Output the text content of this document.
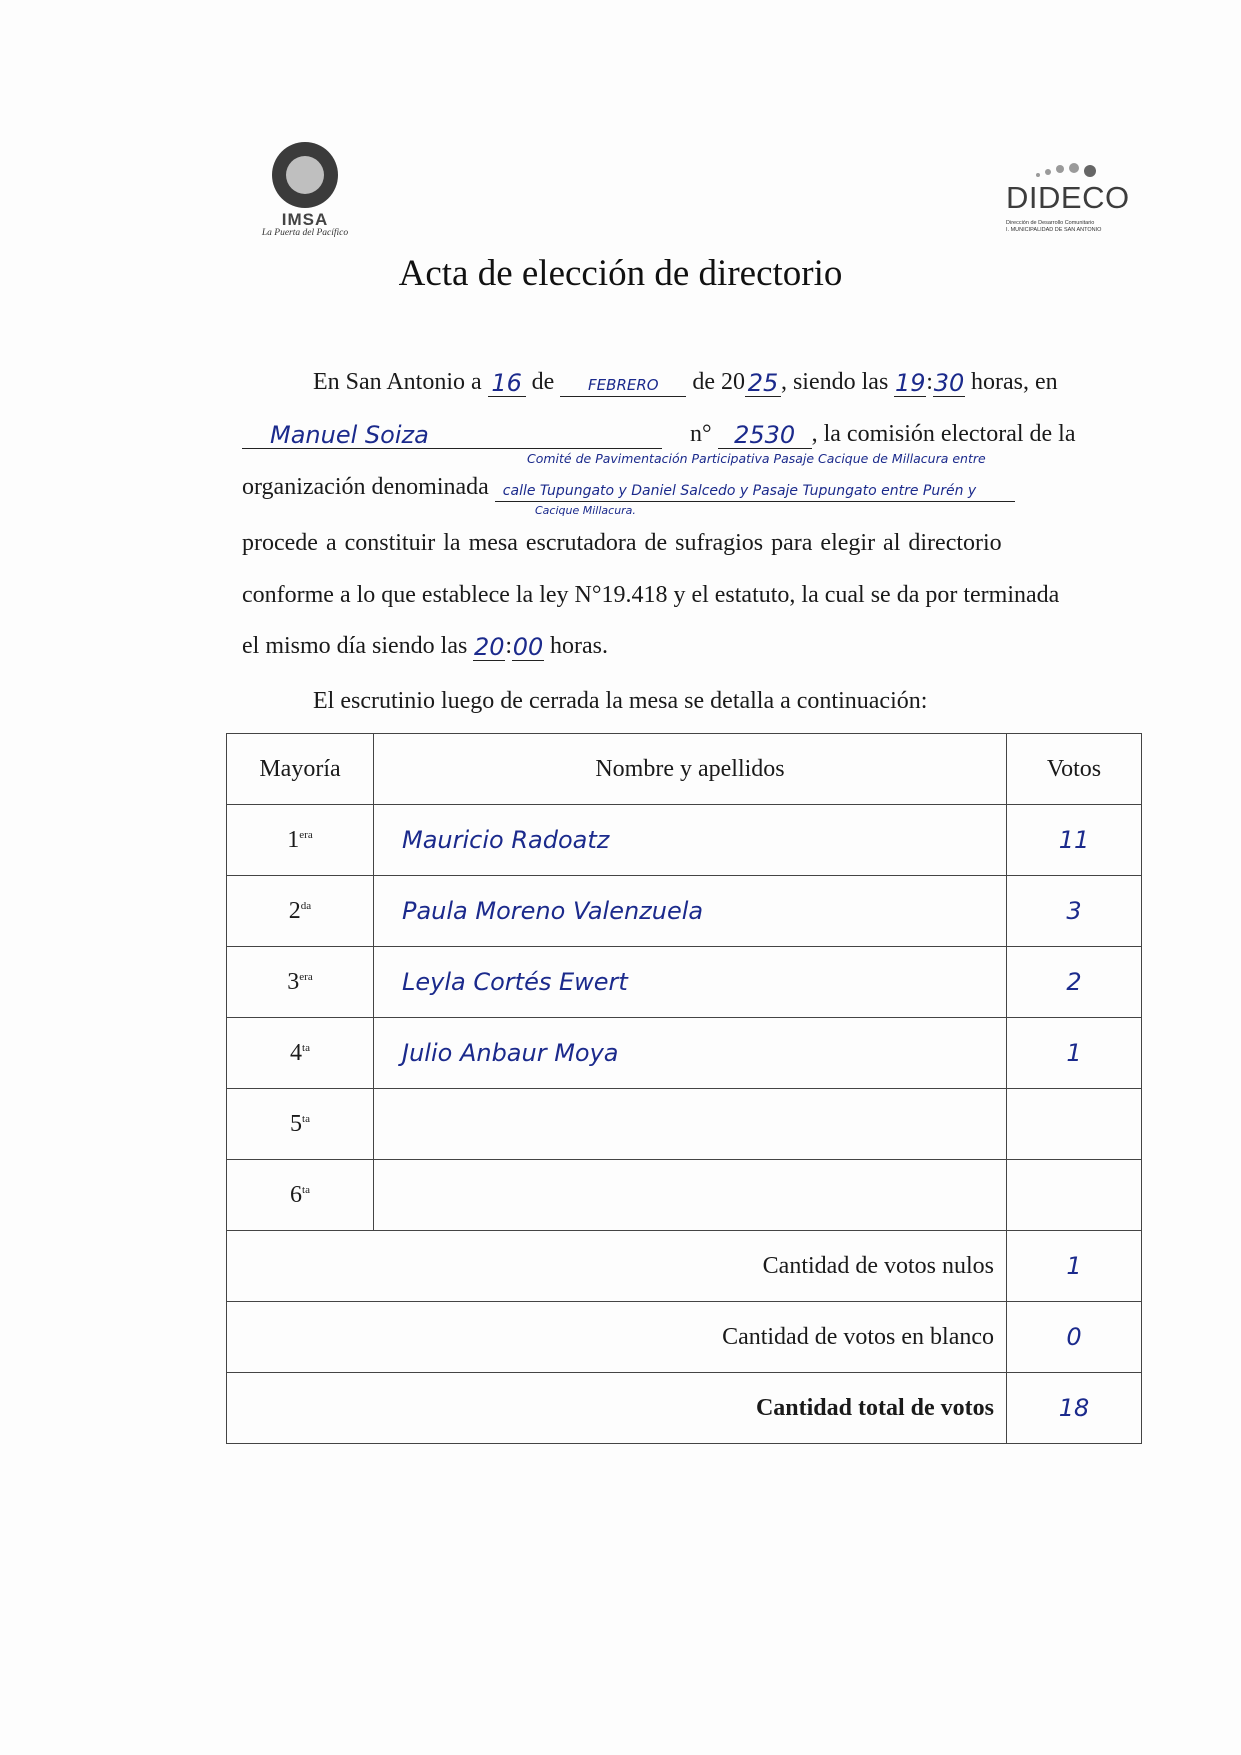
IMSA
La Puerta del Pacífico
DIDECO
Dirección de Desarrollo Comunitario
I. MUNICIPALIDAD DE SAN ANTONIO
Acta de elección de directorio
En San Antonio a 16 de FEBRERO de 20 25 , siendo las 19:30 horas, en
Manuel Soiza	n° 2530 , la comisión electoral de la
Comité de Pavimentación Participativa Pasaje Cacique de Millacura entre
organización denominada calle Tupungato y Daniel Salcedo y Pasaje Tupungato entre Purén y
Cacique Millacura.
procede a constituir la mesa escrutadora de sufragios para elegir al directorio
conforme a lo que establece la ley N°19.418 y el estatuto, la cual se da por terminada
el mismo día siendo las 20:00 horas.
El escrutinio luego de cerrada la mesa se detalla a continuación:
Mayoría	Nombre y apellidos	Votos
$1^{era}$	Mauricio Radoatz	11
$2^{da}$	Paula Moreno Valenzuela	3
$3^{era}$	Leyla Cortés Ewert	2
$4^{ta}$	Julio Anbaur Moya	1
$5^{ta}$		
$6^{ta}$		
Cantidad de votos nulos		1
Cantidad de votos en blanco		0
Cantidad total de votos		18
